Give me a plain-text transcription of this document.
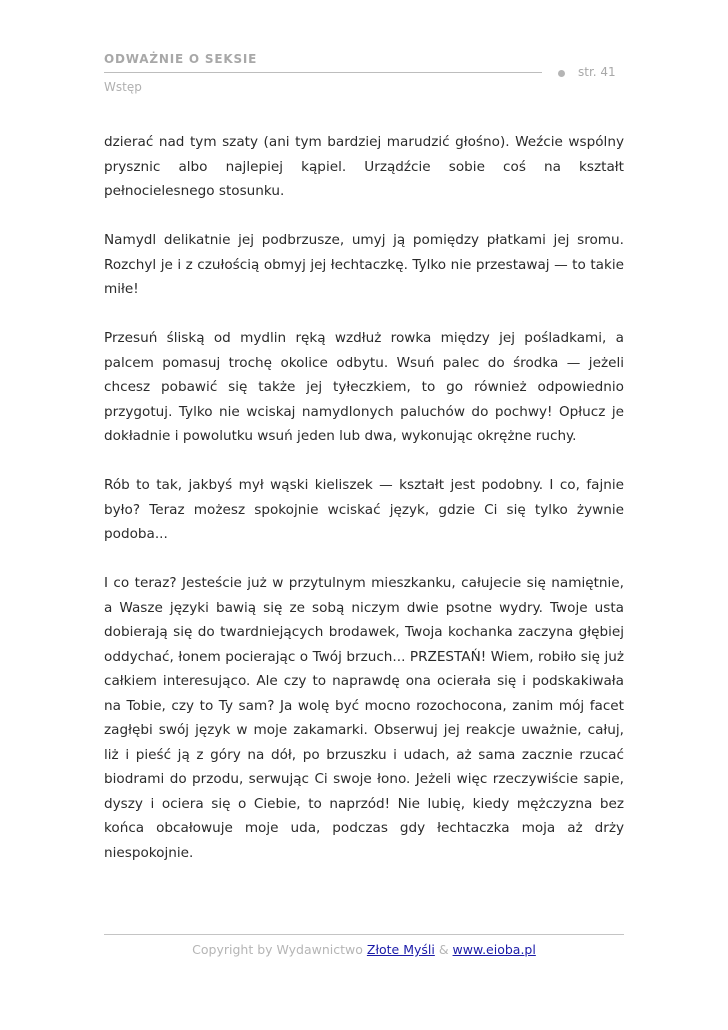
ODWAŻNIE O SEKSIE
str. 41
Wstęp

dzierać nad tym szaty (ani tym bardziej marudzić głośno). Weźcie wspólny prysznic albo najlepiej kąpiel. Urządźcie sobie coś na kształt pełnocielesnego stosunku.

Namydl delikatnie jej podbrzusze, umyj ją pomiędzy płatkami jej sromu. Rozchyl je i z czułością obmyj jej łechtaczkę. Tylko nie przestawaj — to takie miłe!

Przesuń śliską od mydlin ręką wzdłuż rowka między jej pośladkami, a palcem pomasuj trochę okolice odbytu. Wsuń palec do środka — jeżeli chcesz pobawić się także jej tyłeczkiem, to go również odpowiednio przygotuj. Tylko nie wciskaj namydlonych paluchów do pochwy! Opłucz je dokładnie i powolutku wsuń jeden lub dwa, wykonując okrężne ruchy.

Rób to tak, jakbyś mył wąski kieliszek — kształt jest podobny. I co, fajnie było? Teraz możesz spokojnie wciskać język, gdzie Ci się tylko żywnie podoba...

I co teraz? Jesteście już w przytulnym mieszkanku, całujecie się namiętnie, a Wasze języki bawią się ze sobą niczym dwie psotne wydry. Twoje usta dobierają się do twardniejących brodawek, Twoja kochanka zaczyna głębiej oddychać, łonem pocierając o Twój brzuch... PRZESTAŃ! Wiem, robiło się już całkiem interesująco. Ale czy to naprawdę ona ocierała się i podskakiwała na Tobie, czy to Ty sam? Ja wolę być mocno rozochocona, zanim mój facet zagłębi swój język w moje zakamarki. Obserwuj jej reakcje uważnie, całuj, liż i pieść ją z góry na dół, po brzuszku i udach, aż sama zacznie rzucać biodrami do przodu, serwując Ci swoje łono. Jeżeli więc rzeczywiście sapie, dyszy i ociera się o Ciebie, to naprzód! Nie lubię, kiedy mężczyzna bez końca obcałowuje moje uda, podczas gdy łechtaczka moja aż drży niespokojnie.

Copyright by Wydawnictwo Złote Myśli & www.eioba.pl
